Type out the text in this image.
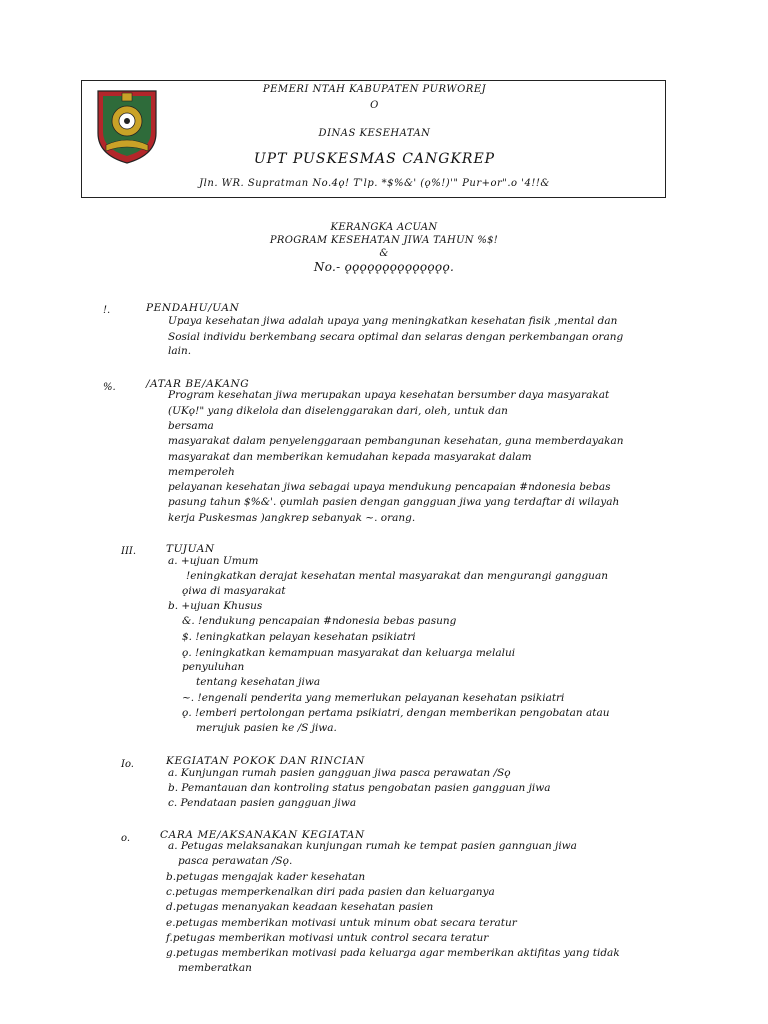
PEMERI NTAH KABUPATEN PURWOREJ
O
DINAS KESEHATAN
UPT PUSKESMAS CANGKREP
Jln. WR. Supratman No.4ǫ! T'lp. *$%&' (ǫ%!)'" Pur+or".o '4!!&
KERANGKA ACUAN
PROGRAM KESEHATAN JIWA TAHUN %$!
&
No.- ǫǫǫǫǫǫǫǫǫǫǫǫǫǫ.
!.	PENDAHU/UAN
Upaya kesehatan jiwa adalah upaya yang meningkatkan kesehatan fisik ,mental dan
Sosial individu berkembang secara optimal dan selaras dengan perkembangan orang
lain.
%.	/ATAR BE/AKANG
Program kesehatan jiwa merupakan upaya kesehatan bersumber daya masyarakat
(UKǫ!" yang dikelola dan diselenggarakan dari, oleh, untuk dan
bersama
masyarakat dalam penyelenggaraan pembangunan kesehatan, guna memberdayakan
masyarakat dan memberikan kemudahan kepada masyarakat dalam
memperoleh
pelayanan kesehatan jiwa sebagai upaya mendukung pencapaian #ndonesia bebas
pasung tahun $%&'. ǫumlah pasien dengan gangguan jiwa yang terdaftar di wilayah
kerja Puskesmas )angkrep sebanyak ~. orang.
III.	TUJUAN
a. +ujuan Umum
!eningkatkan derajat kesehatan mental masyarakat dan mengurangi gangguan
ǫiwa di masyarakat
b. +ujuan Khusus
&. !endukung pencapaian #ndonesia bebas pasung
$. !eningkatkan pelayan kesehatan psikiatri
ǫ. !eningkatkan kemampuan masyarakat dan keluarga melalui
penyuluhan
tentang kesehatan jiwa
~. !engenali penderita yang memerlukan pelayanan kesehatan psikiatri
ǫ. !emberi pertolongan pertama psikiatri, dengan memberikan pengobatan atau
merujuk pasien ke /S jiwa.
Io.	KEGIATAN POKOK DAN RINCIAN
a. Kunjungan rumah pasien gangguan jiwa pasca perawatan /Sǫ
b. Pemantauan dan kontroling status pengobatan pasien gangguan jiwa
c. Pendataan pasien gangguan jiwa
o.	CARA ME/AKSANAKAN KEGIATAN
a. Petugas melaksanakan kunjungan rumah ke tempat pasien gannguan jiwa
pasca perawatan /Sǫ.
b.petugas mengajak kader kesehatan
c.petugas memperkenalkan diri pada pasien dan keluarganya
d.petugas menanyakan keadaan kesehatan pasien
e.petugas memberikan motivasi untuk minum obat secara teratur
f.petugas memberikan motivasi untuk control secara teratur
g.petugas memberikan motivasi pada keluarga agar memberikan aktifitas yang tidak
memberatkan
